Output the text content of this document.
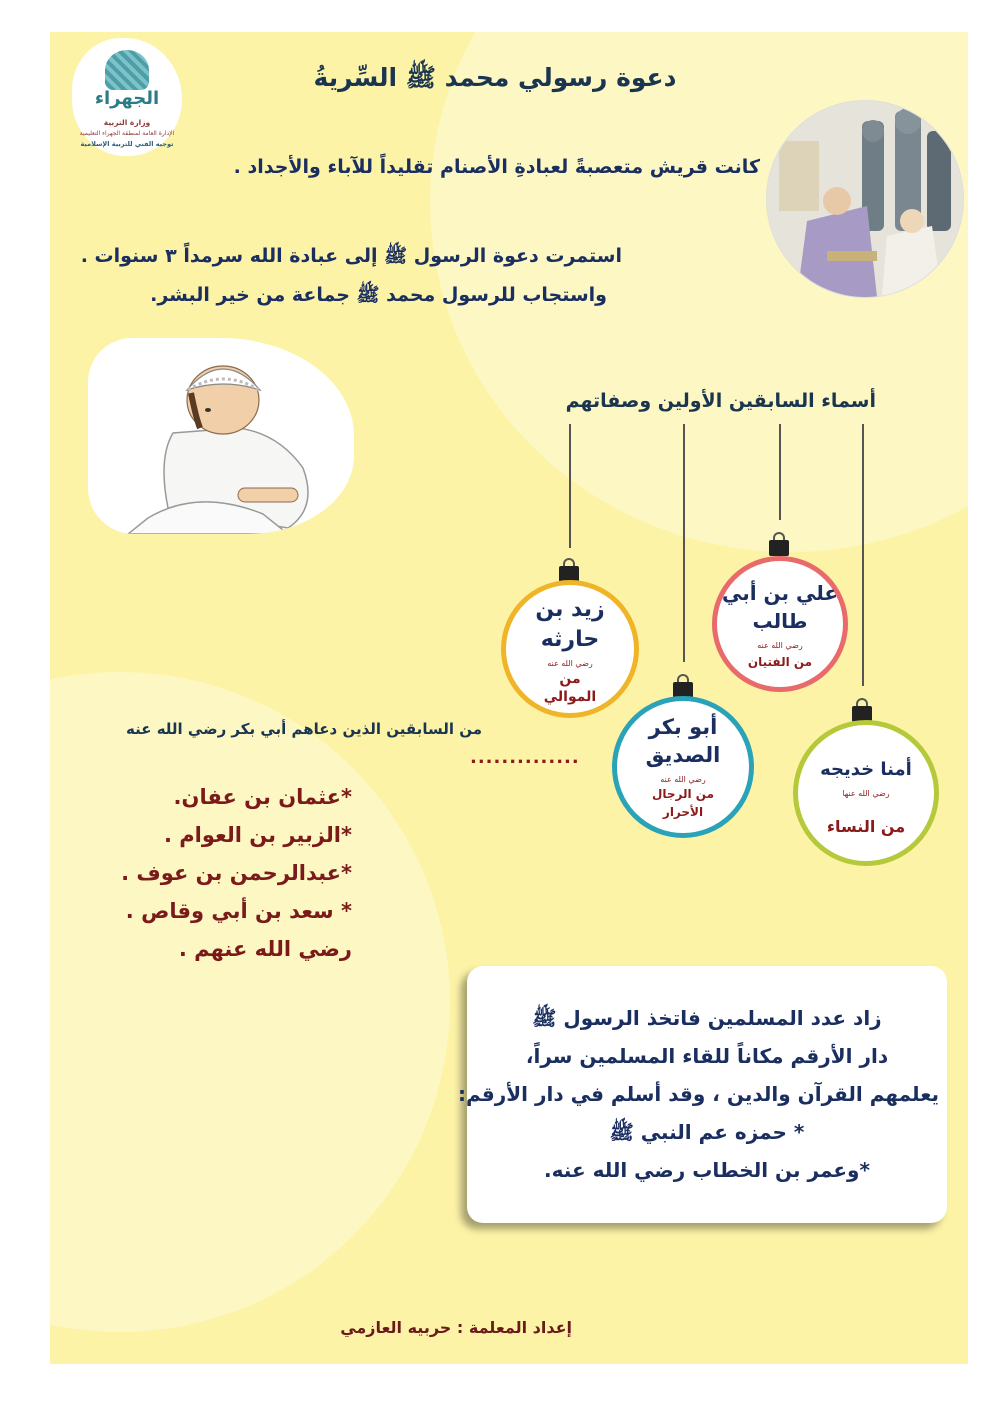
الجهراء
وزارة التربية
الإدارة العامة لمنطقة الجهراء التعليمية
توجيه الفني للتربية الإسلامية
دعوة رسولي محمد ﷺ السِّريةُ
كانت قريش متعصبةً لعبادةِ الأصنام تقليداً للآباء والأجداد .
استمرت دعوة الرسول ﷺ إلى عبادة الله سرمداً ٣ سنوات .
واستجاب للرسول محمد ﷺ جماعة من خير البشر.
أسماء السابقين الأولين وصفاتهم
علي بن أبي
طالب
رضي الله عنه
من الفتيان
زيد بن
حارثه
رضي الله عنه
من
الموالي
أبو بكر
الصديق
رضي الله عنه
من الرجال
الأحرار
أمنا خديجه
رضي الله عنها
من النساء
من السابقين الذين دعاهم أبي بكر رضي الله عنه
..............
*عثمان بن عفان.
*الزبير بن العوام .
*عبدالرحمن بن عوف .
* سعد بن أبي وقاص .
رضي الله عنهم .
زاد عدد المسلمين فاتخذ الرسول ﷺ
دار الأرقم مكاناً للقاء المسلمين سراً،
يعلمهم القرآن والدين ، وقد أسلم في دار الأرقم:
* حمزه عم النبي ﷺ
*وعمر بن الخطاب رضي الله عنه.
إعداد المعلمة : حربيه العازمي
